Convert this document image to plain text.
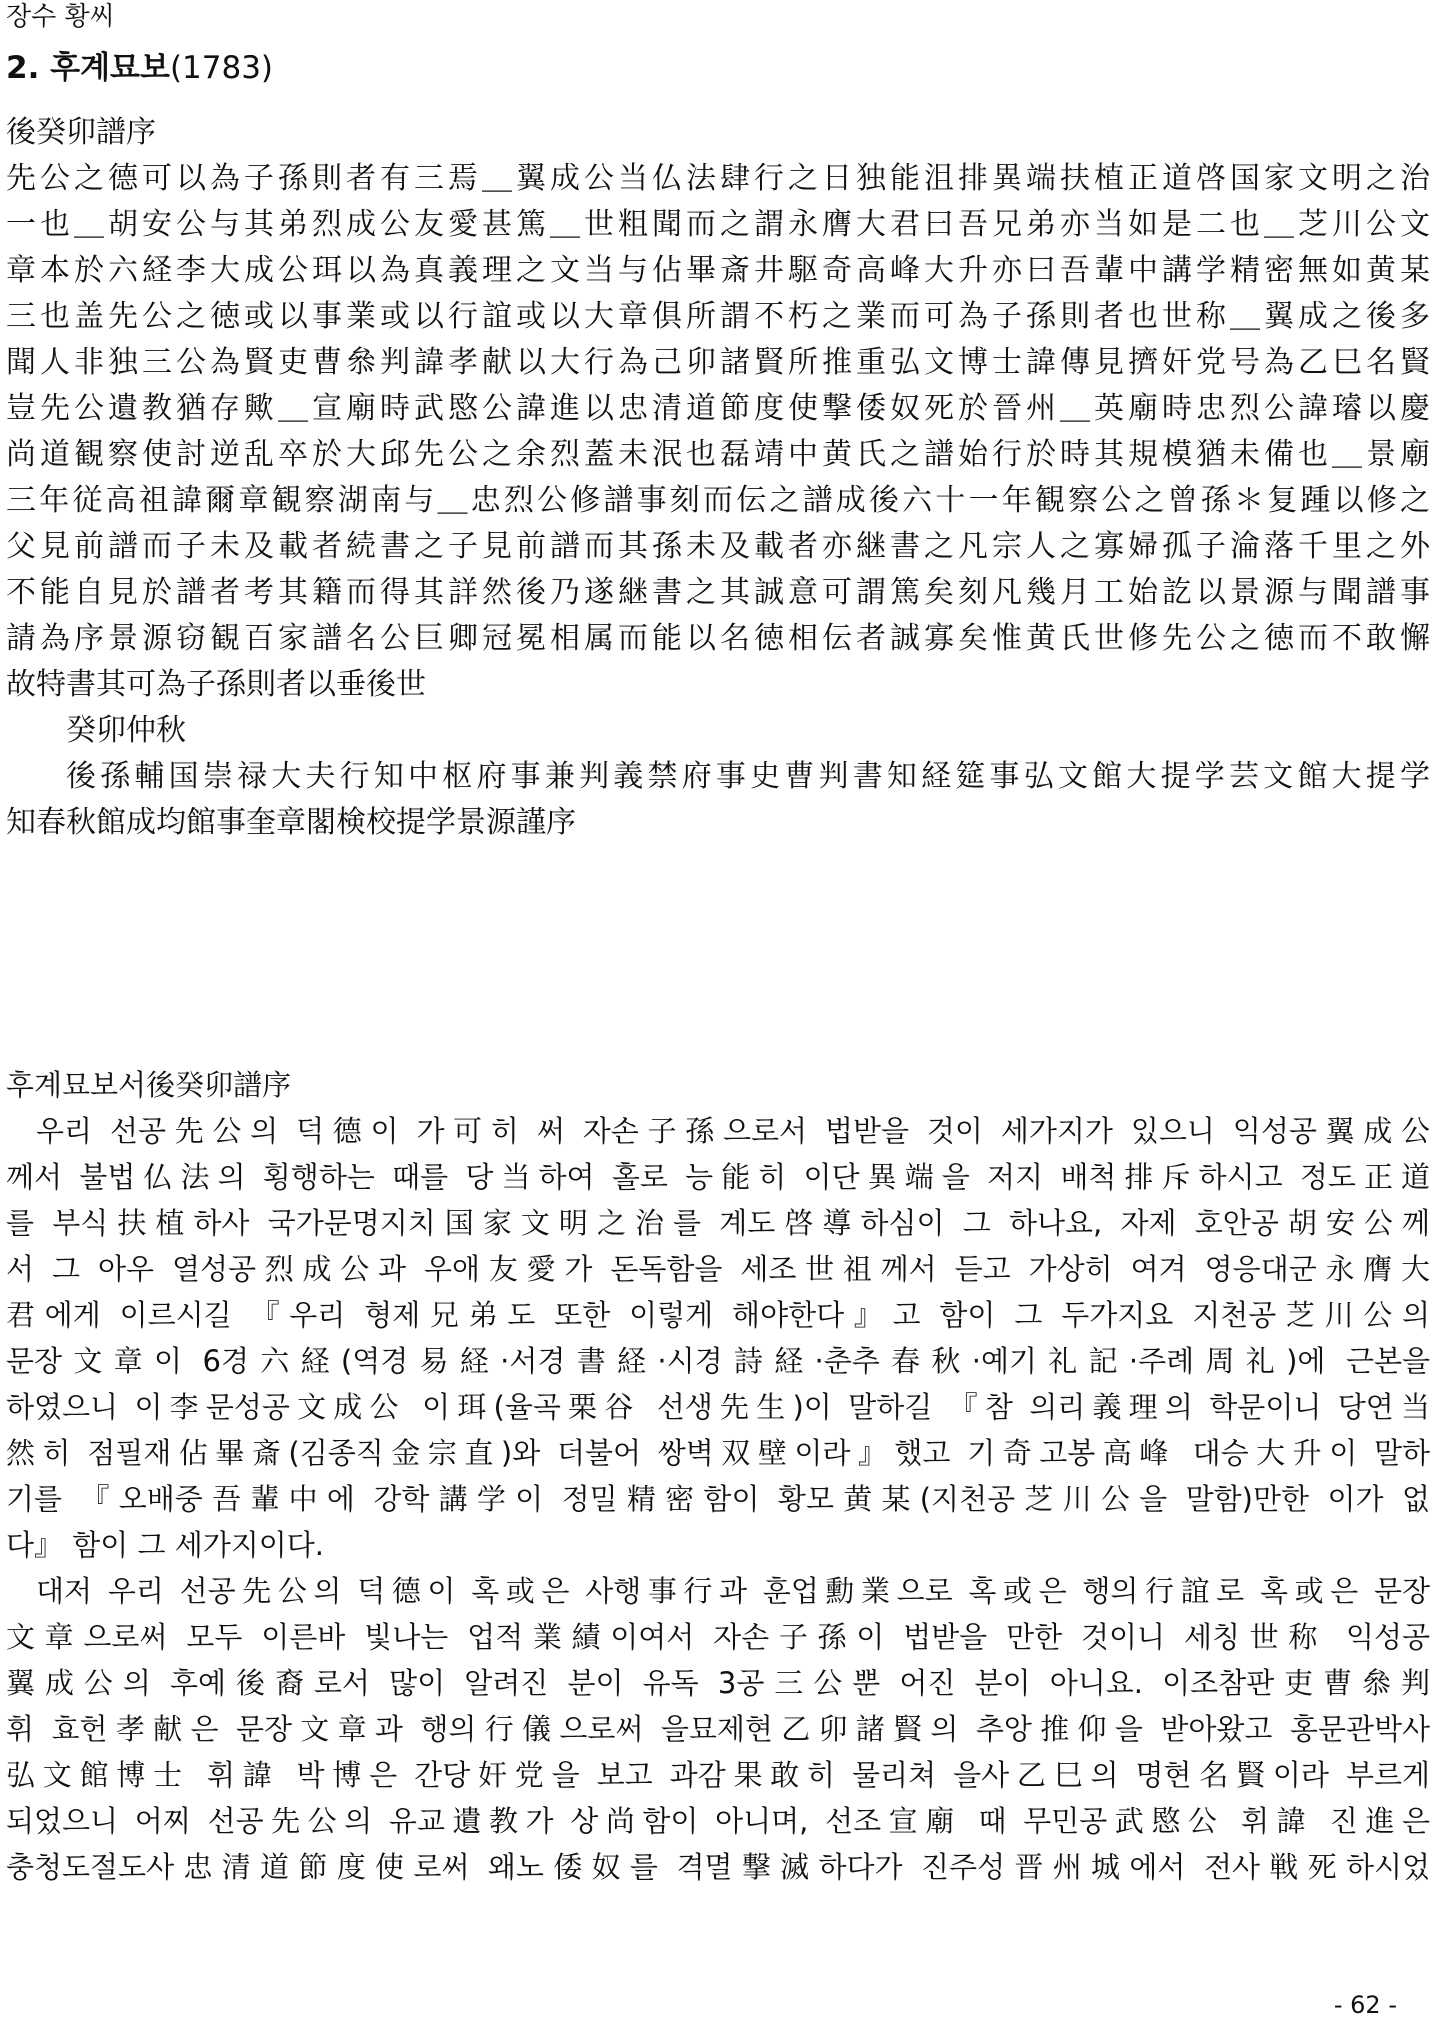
장수 황씨
2. 후계묘보(1783)
後癸卯譜序
先公之德可以為子孫則者有三焉＿翼成公当仏法肆行之日独能沮排異端扶植正道啓国家文明之治
一也＿胡安公与其弟烈成公友愛甚篤＿世粗聞而之謂永膺大君曰吾兄弟亦当如是二也＿芝川公文
章本於六経李大成公珥以為真義理之文当与佔畢斎井駆奇高峰大升亦曰吾輩中講学精密無如黄某
三也盖先公之徳或以事業或以行誼或以大章俱所謂不朽之業而可為子孫則者也世称＿翼成之後多
聞人非独三公為賢吏曹叅判諱孝献以大行為己卯諸賢所推重弘文博士諱傳見擠奸党号為乙巳名賢
豈先公遺教猶存歟＿宣廟時武愍公諱進以忠清道節度使撃倭奴死於晉州＿英廟時忠烈公諱璿以慶
尚道観察使討逆乱卒於大邱先公之余烈蓋未泯也磊靖中黄氏之譜始行於時其規模猶未備也＿景廟
三年従高祖諱爾章観察湖南与＿忠烈公修譜事刻而伝之譜成後六十一年観察公之曾孫＊复踵以修之
父見前譜而子未及載者続書之子見前譜而其孫未及載者亦継書之凡宗人之寡婦孤子淪落千里之外
不能自見於譜者考其籍而得其詳然後乃遂継書之其誠意可謂篤矣刻凡幾月工始訖以景源与聞譜事
請為序景源窃観百家譜名公巨卿冠冕相属而能以名徳相伝者誠寡矣惟黄氏世修先公之徳而不敢懈
故特書其可為子孫則者以垂後世
癸卯仲秋
後孫輔国崇禄大夫行知中枢府事兼判義禁府事史曹判書知経筵事弘文館大提学芸文館大提学
知春秋館成均館事奎章閣検校提学景源謹序
후계묘보서後癸卯譜序
우리 선공先公의 덕德이 가可히 써 자손子孫으로서 법받을 것이 세가지가 있으니 익성공翼成公
께서 불법仏法의 횡행하는 때를 당当하여 홀로 능能히 이단異端을 저지 배척排斥하시고 정도正道
를 부식扶植하사 국가문명지치国家文明之治를 계도啓導하심이 그 하나요, 자제 호안공胡安公께
서 그 아우 열성공烈成公과 우애友愛가 돈독함을 세조世祖께서 듣고 가상히 여겨 영응대군永膺大
君에게 이르시길 『우리 형제兄弟도 또한 이렇게 해야한다』고 함이 그 두가지요 지천공芝川公의
문장文章이 6경六経(역경易経·서경書経·시경詩経·춘추春秋·예기礼記·주례周礼)에 근본을
하였으니 이李문성공文成公 이珥(율곡栗谷 선생先生)이 말하길 『참 의리義理의 학문이니 당연当
然히 점필재佔畢斎(김종직金宗直)와 더불어 쌍벽双壁이라』했고 기奇고봉高峰 대승大升이 말하
기를 『오배중吾輩中에 강학講学이 정밀精密함이 황모黄某(지천공芝川公을 말함)만한 이가 없
다』 함이 그 세가지이다.
대저 우리 선공先公의 덕德이 혹或은 사행事行과 훈업勳業으로 혹或은 행의行誼로 혹或은 문장
文章으로써 모두 이른바 빛나는 업적業績이여서 자손子孫이 법받을 만한 것이니 세칭世称 익성공
翼成公의 후예後裔로서 많이 알려진 분이 유독 3공三公뿐 어진 분이 아니요. 이조참판吏曹叅判
휘 효헌孝献은 문장文章과 행의行儀으로써 을묘제현乙卯諸賢의 추앙推仰을 받아왔고 홍문관박사
弘文館博士 휘諱 박博은 간당奸党을 보고 과감果敢히 물리쳐 을사乙巳의 명현名賢이라 부르게
되었으니 어찌 선공先公의 유교遺教가 상尚함이 아니며, 선조宣廟 때 무민공武愍公 휘諱 진進은
충청도절도사忠清道節度使로써 왜노倭奴를 격멸撃滅하다가 진주성晋州城에서 전사戦死하시었
- 62 -
